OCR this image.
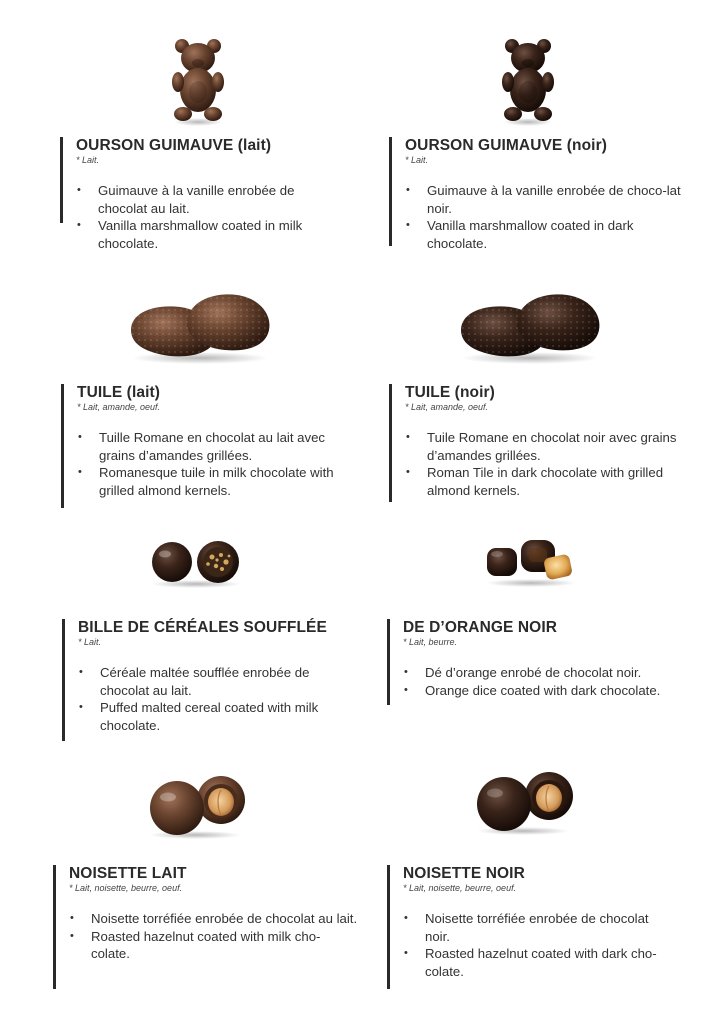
OURSON GUIMAUVE (lait)

* Lait.

• Guimauve à la vanille enrobée de chocolat au lait.
• Vanilla marshmallow coated in milk chocolate.

OURSON GUIMAUVE (noir)

* Lait.

• Guimauve à la vanille enrobée de choco-lat noir.
• Vanilla marshmallow coated in dark chocolate.

TUILE (lait)

* Lait, amande, oeuf.

• Tuille Romane en chocolat au lait avec grains d’amandes grillées.
• Romanesque tuile in milk chocolate with grilled almond kernels.

TUILE (noir)

* Lait, amande, oeuf.

• Tuile Romane en chocolat noir avec grains d’amandes grillées.
• Roman Tile in dark chocolate with grilled almond kernels.

BILLE DE CÉRÉALES SOUFFLÉE

* Lait.

• Céréale maltée soufflée enrobée de chocolat au lait.
• Puffed malted cereal coated with milk chocolate.

DE D’ORANGE NOIR

* Lait, beurre.

• Dé d’orange enrobé de chocolat noir.
• Orange dice coated with dark chocolate.

NOISETTE LAIT

* Lait, noisette, beurre, oeuf.

• Noisette torréfiée enrobée de chocolat au lait.
• Roasted hazelnut coated with milk cho-colate.

NOISETTE NOIR

* Lait, noisette, beurre, oeuf.

• Noisette torréfiée enrobée de chocolat noir.
• Roasted hazelnut coated with dark cho-colate.
